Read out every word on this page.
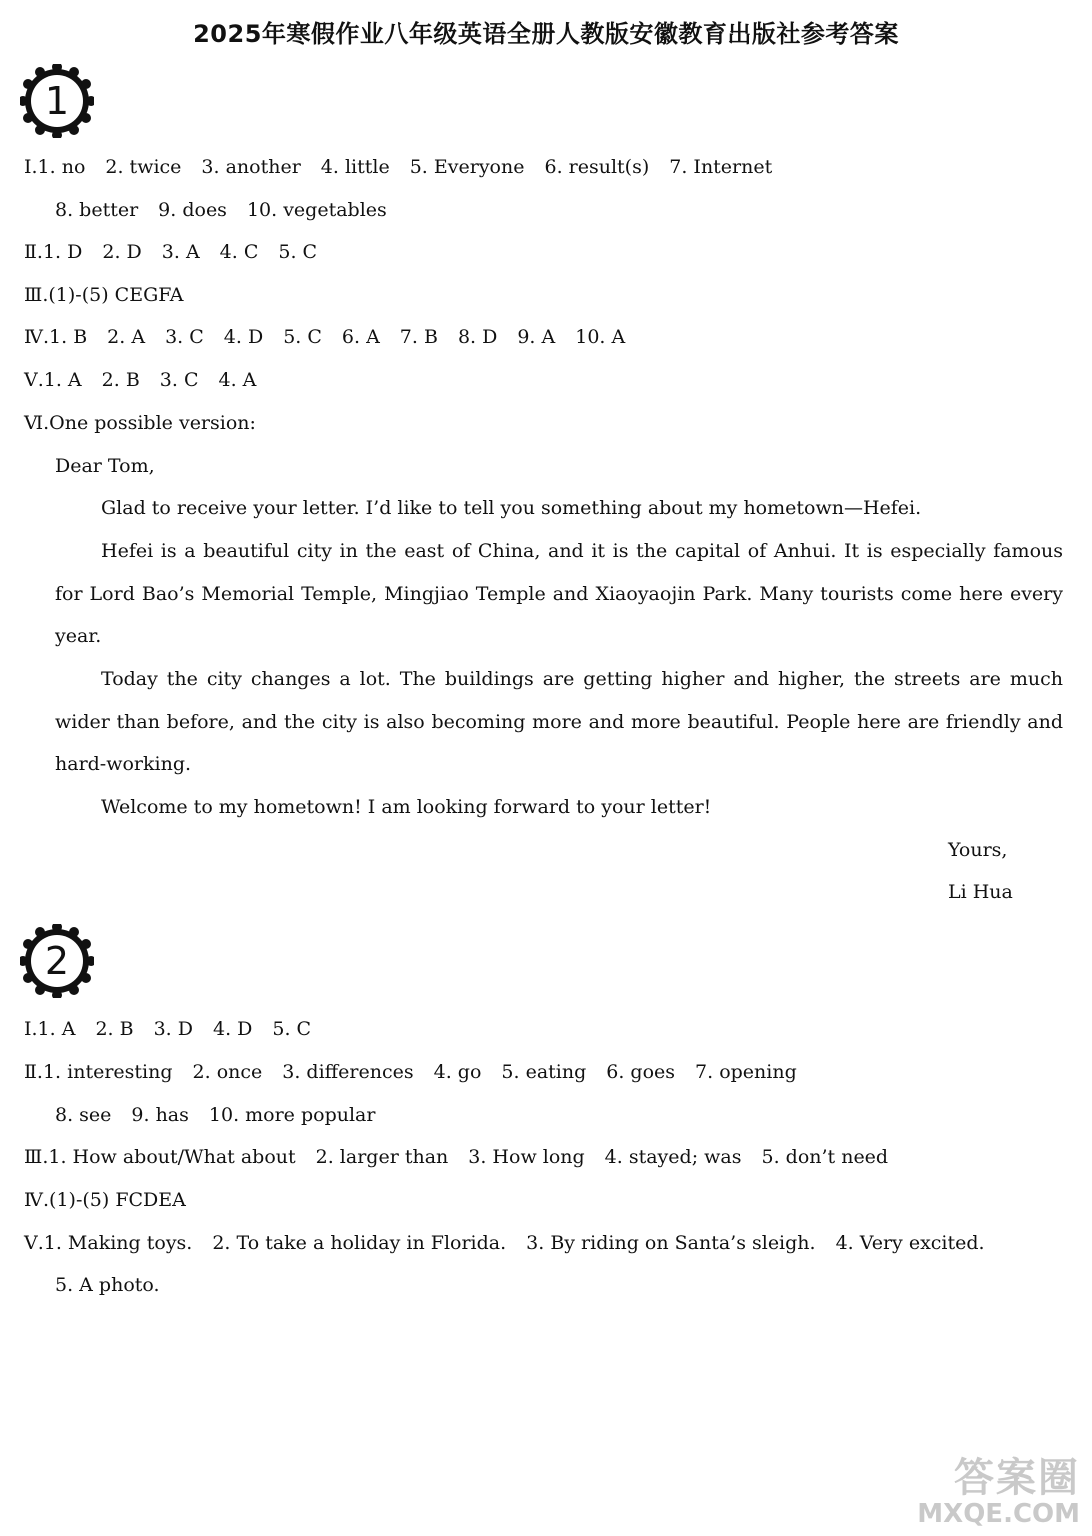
2025年寒假作业八年级英语全册人教版安徽教育出版社参考答案
1
Ⅰ.1. no 2. twice 3. another 4. little 5. Everyone 6. result(s) 7. Internet
8. better 9. does 10. vegetables
Ⅱ.1. D 2. D 3. A 4. C 5. C
Ⅲ.(1)-(5) CEGFA
Ⅳ.1. B 2. A 3. C 4. D 5. C 6. A 7. B 8. D 9. A 10. A
Ⅴ.1. A 2. B 3. C 4. A
Ⅵ.One possible version:
Dear Tom,
Glad to receive your letter. I’d like to tell you something about my hometown—Hefei.
Hefei is a beautiful city in the east of China, and it is the capital of Anhui. It is especially famous for Lord Bao’s Memorial Temple, Mingjiao Temple and Xiaoyaojin Park. Many tourists come here every year.
Today the city changes a lot. The buildings are getting higher and higher, the streets are much wider than before, and the city is also becoming more and more beautiful. People here are friendly and hard-working.
Welcome to my hometown! I am looking forward to your letter!
Yours,
Li Hua
2
Ⅰ.1. A 2. B 3. D 4. D 5. C
Ⅱ.1. interesting 2. once 3. differences 4. go 5. eating 6. goes 7. opening
8. see 9. has 10. more popular
Ⅲ.1. How about/What about 2. larger than 3. How long 4. stayed; was 5. don’t need
Ⅳ.(1)-(5) FCDEA
Ⅴ.1. Making toys. 2. To take a holiday in Florida. 3. By riding on Santa’s sleigh. 4. Very excited.
5. A photo.
答案圈
MXQE.COM
